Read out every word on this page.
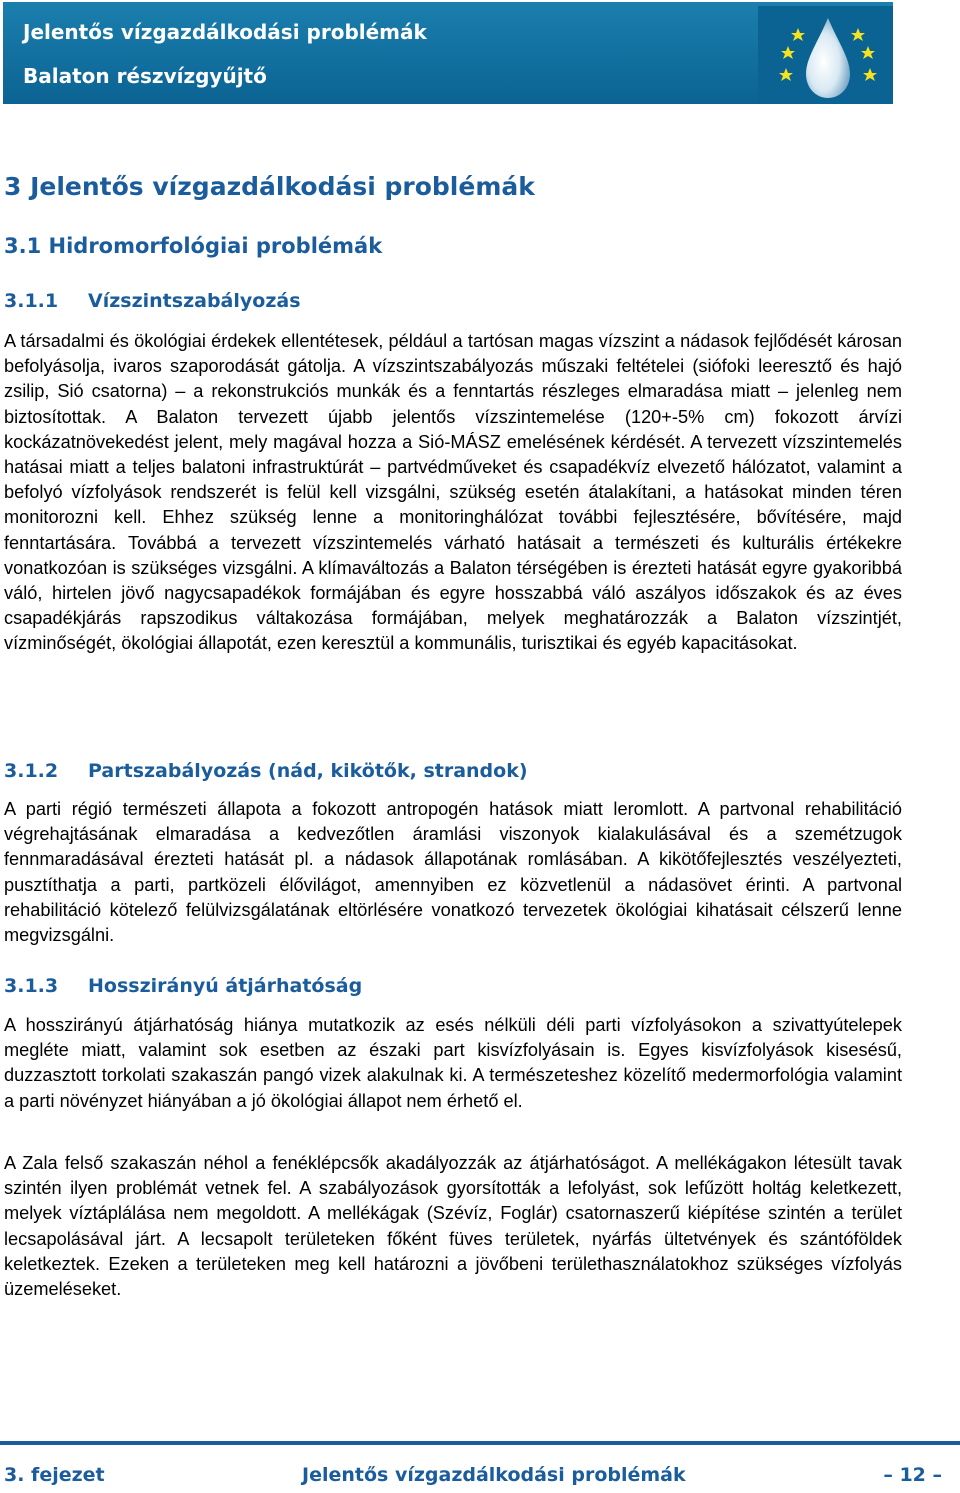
Jelentős vízgazdálkodási problémák
Balaton részvízgyűjtő
3 Jelentős vízgazdálkodási problémák
3.1 Hidromorfológiai problémák
3.1.1 Vízszintszabályozás

A társadalmi és ökológiai érdekek ellentétesek, például a tartósan magas vízszint a nádasok fejlődését károsan befolyásolja, ivaros szaporodását gátolja. A vízszintszabályozás műszaki feltételei (siófoki leeresztő és hajó zsilip, Sió csatorna) – a rekonstrukciós munkák és a fenntartás részleges elmaradása miatt – jelenleg nem biztosítottak. A Balaton tervezett újabb jelentős vízszintemelése (120+-5% cm) fokozott árvízi kockázatnövekedést jelent, mely magával hozza a Sió-MÁSZ emelésének kérdését. A tervezett vízszintemelés hatásai miatt a teljes balatoni infrastruktúrát – partvédműveket és csapadékvíz elvezető hálózatot, valamint a befolyó vízfolyások rendszerét is felül kell vizsgálni, szükség esetén átalakítani, a hatásokat minden téren monitorozni kell. Ehhez szükség lenne a monitoringhálózat további fejlesztésére, bővítésére, majd fenntartására. Továbbá a tervezett vízszintemelés várható hatásait a természeti és kulturális értékekre vonatkozóan is szükséges vizsgálni. A klímaváltozás a Balaton térségében is érezteti hatását egyre gyakoribbá váló, hirtelen jövő nagycsapadékok formájában és egyre hosszabbá váló aszályos időszakok és az éves csapadékjárás rapszodikus váltakozása formájában, melyek meghatározzák a Balaton vízszintjét, vízminőségét, ökológiai állapotát, ezen keresztül a kommunális, turisztikai és egyéb kapacitásokat.

3.1.2 Partszabályozás (nád, kikötők, strandok)

A parti régió természeti állapota a fokozott antropogén hatások miatt leromlott. A partvonal rehabilitáció végrehajtásának elmaradása a kedvezőtlen áramlási viszonyok kialakulásával és a szemétzugok fennmaradásával érezteti hatását pl. a nádasok állapotának romlásában. A kikötőfejlesztés veszélyezteti, pusztíthatja a parti, partközeli élővilágot, amennyiben ez közvetlenül a nádasövet érinti. A partvonal rehabilitáció kötelező felülvizsgálatának eltörlésére vonatkozó tervezetek ökológiai kihatásait célszerű lenne megvizsgálni.

3.1.3 Hosszirányú átjárhatóság

A hosszirányú átjárhatóság hiánya mutatkozik az esés nélküli déli parti vízfolyásokon a szivattyútelepek megléte miatt, valamint sok esetben az északi part kisvízfolyásain is. Egyes kisvízfolyások kisesésű, duzzasztott torkolati szakaszán pangó vizek alakulnak ki. A természeteshez közelítő medermorfológia valamint a parti növényzet hiányában a jó ökológiai állapot nem érhető el.

A Zala felső szakaszán néhol a fenéklépcsők akadályozzák az átjárhatóságot. A mellékágakon létesült tavak szintén ilyen problémát vetnek fel. A szabályozások gyorsították a lefolyást, sok lefűzött holtág keletkezett, melyek víztáplálása nem megoldott. A mellékágak (Szévíz, Foglár) csatornaszerű kiépítése szintén a terület lecsapolásával járt. A lecsapolt területeken főként füves területek, nyárfás ültetvények és szántóföldek keletkeztek. Ezeken a területeken meg kell határozni a jövőbeni területhasználatokhoz szükséges vízfolyás üzemeléseket.

3. fejezet	Jelentős vízgazdálkodási problémák	– 12 –
